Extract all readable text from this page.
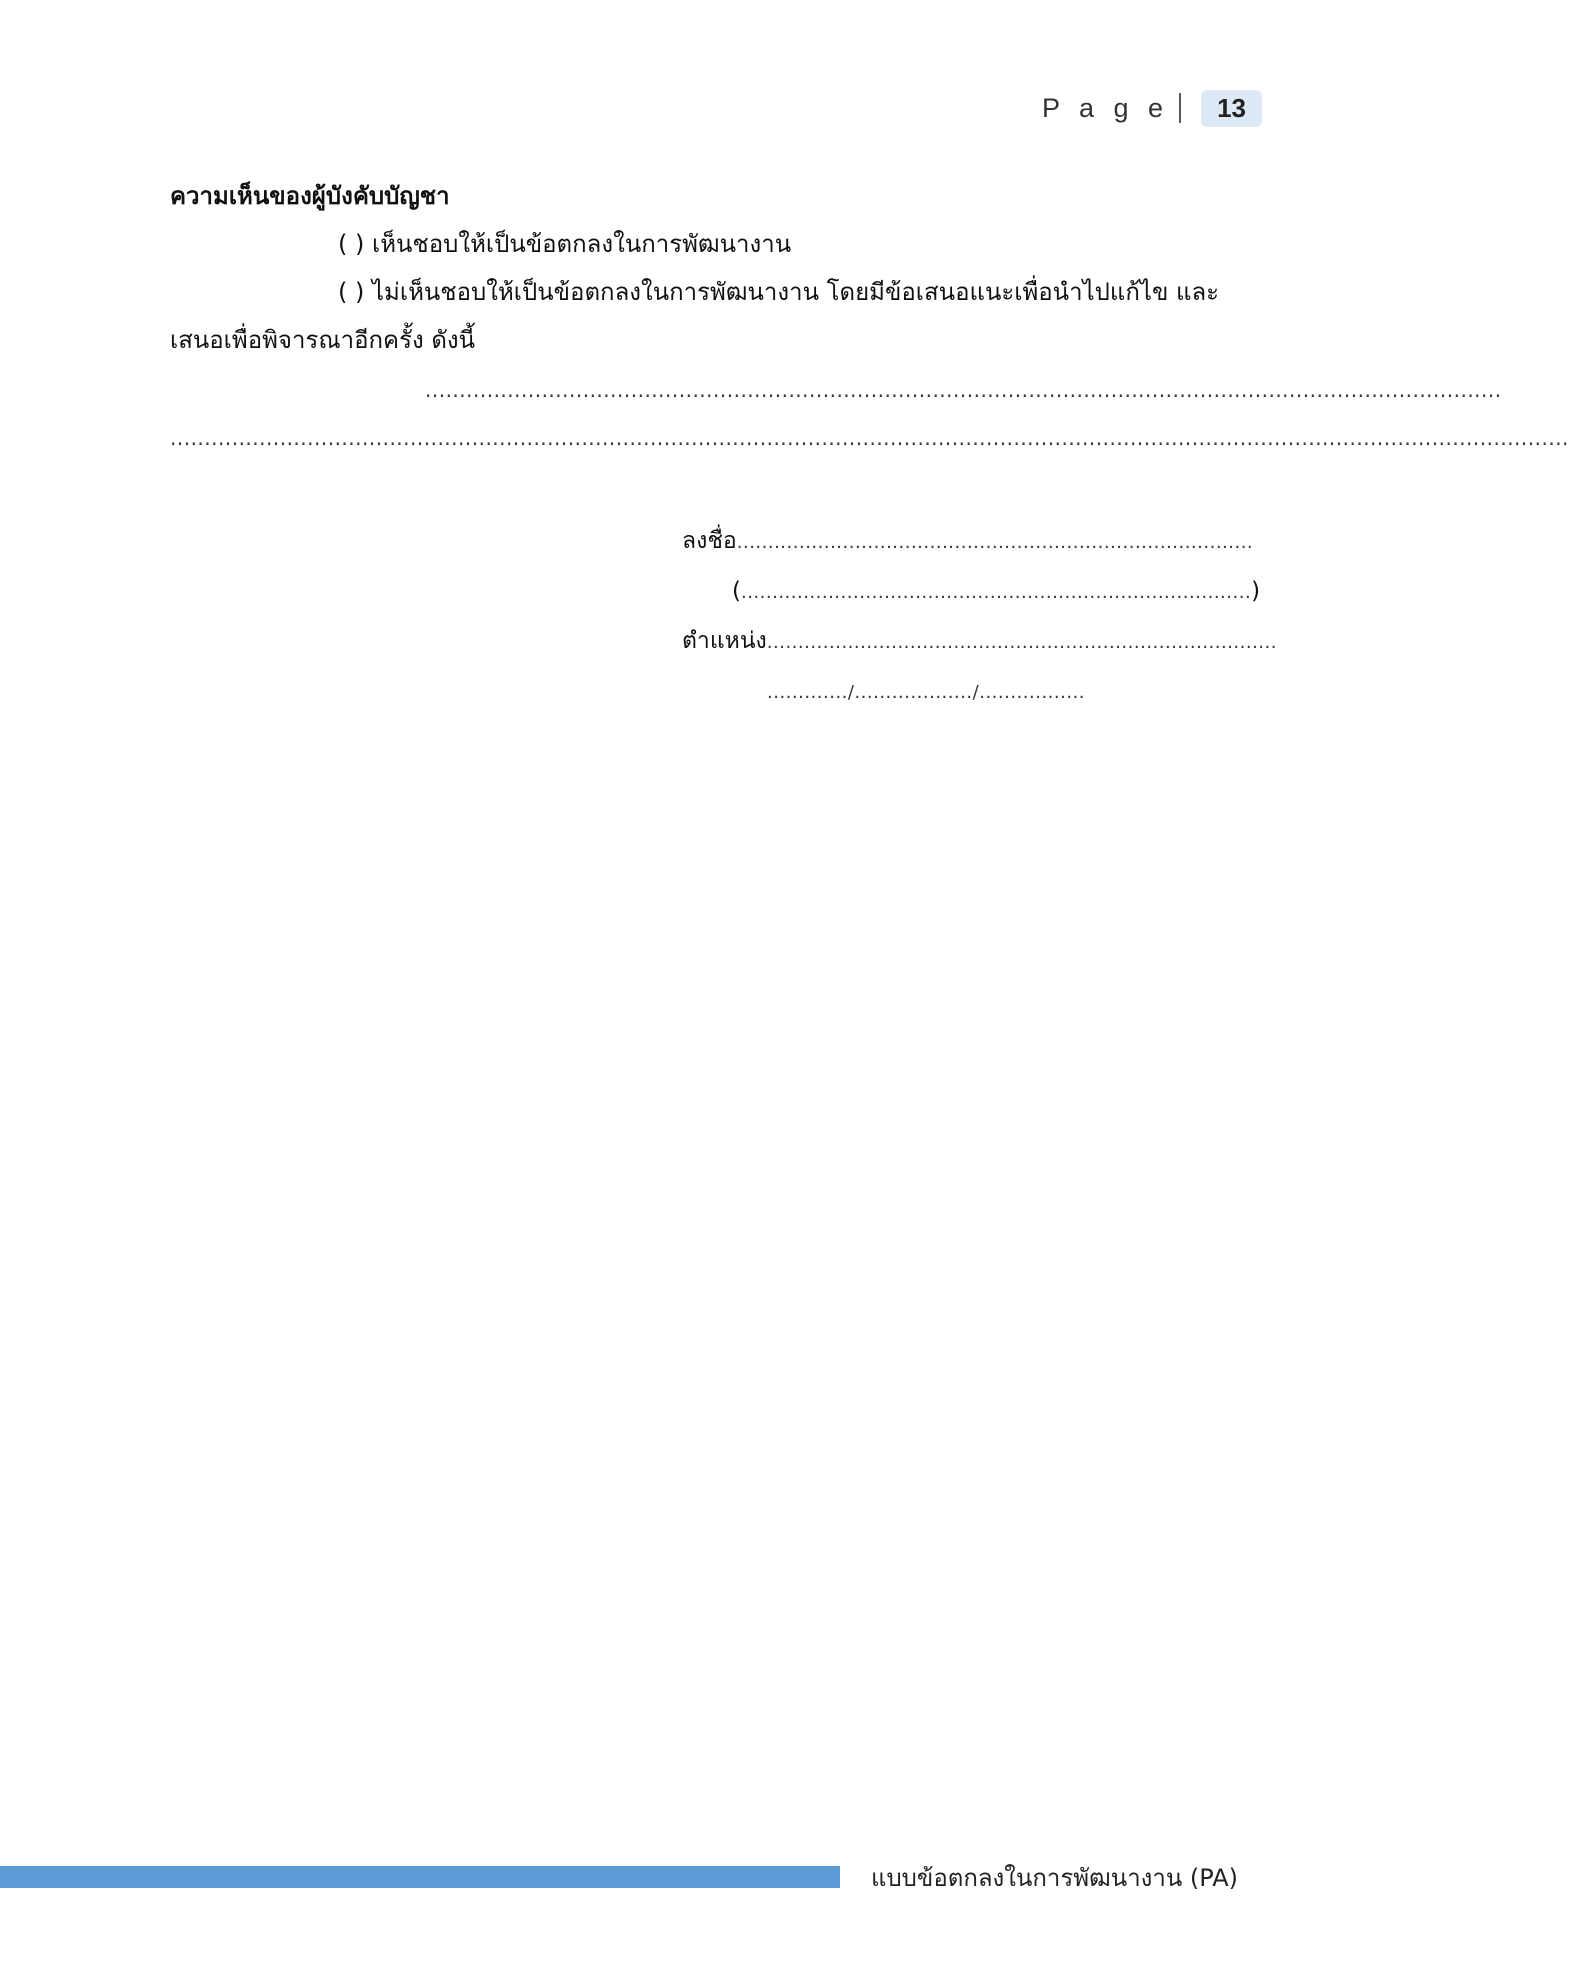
P a g e	13

ความเห็นของผู้บังคับบัญชา

( ) เห็นชอบให้เป็นข้อตกลงในการพัฒนางาน

( ) ไม่เห็นชอบให้เป็นข้อตกลงในการพัฒนางาน โดยมีข้อเสนอแนะเพื่อนำไปแก้ไข และ

เสนอเพื่อพิจารณาอีกครั้ง ดังนี้

.............................................................................................................................................................
............................................................................................................................................................................................................
ลงชื่อ...................................................................................
(..................................................................................)
ตำแหน่ง..................................................................................
............./.................../.................
แบบข้อตกลงในการพัฒนางาน (PA)
